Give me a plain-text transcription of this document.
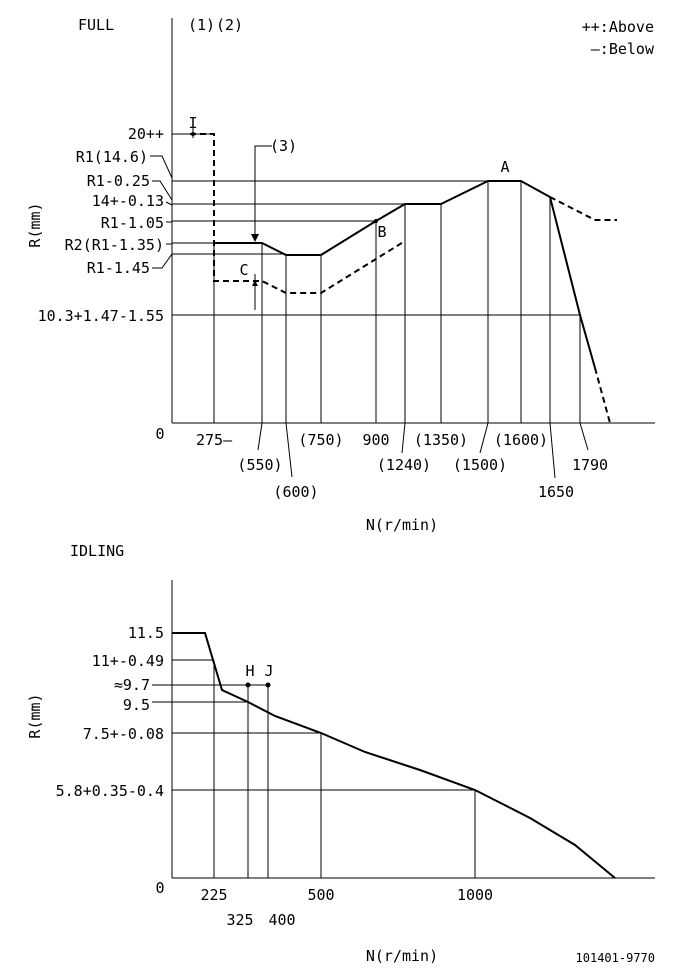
FULL	(1) (2)	++:Above
—:Below
R(mm)
N(r/min)
0
20++
R1(14.6)
R1-0.25
14+-0.13
R1-1.05
R2(R1-1.35)
R1-1.45
10.3+1.47-1.55
275—
(550)
(600)
(750) 900
(1240)
(1350)
(1500)
(1600)
1650
1790
(3)
I
A
B
C
IDLING
R(mm)
N(r/min)
0
11.5
11+-0.49
≈9.7
9.5
7.5+-0.08
5.8+0.35-0.4
225
325 400
500	1000
H J
101401-9770
